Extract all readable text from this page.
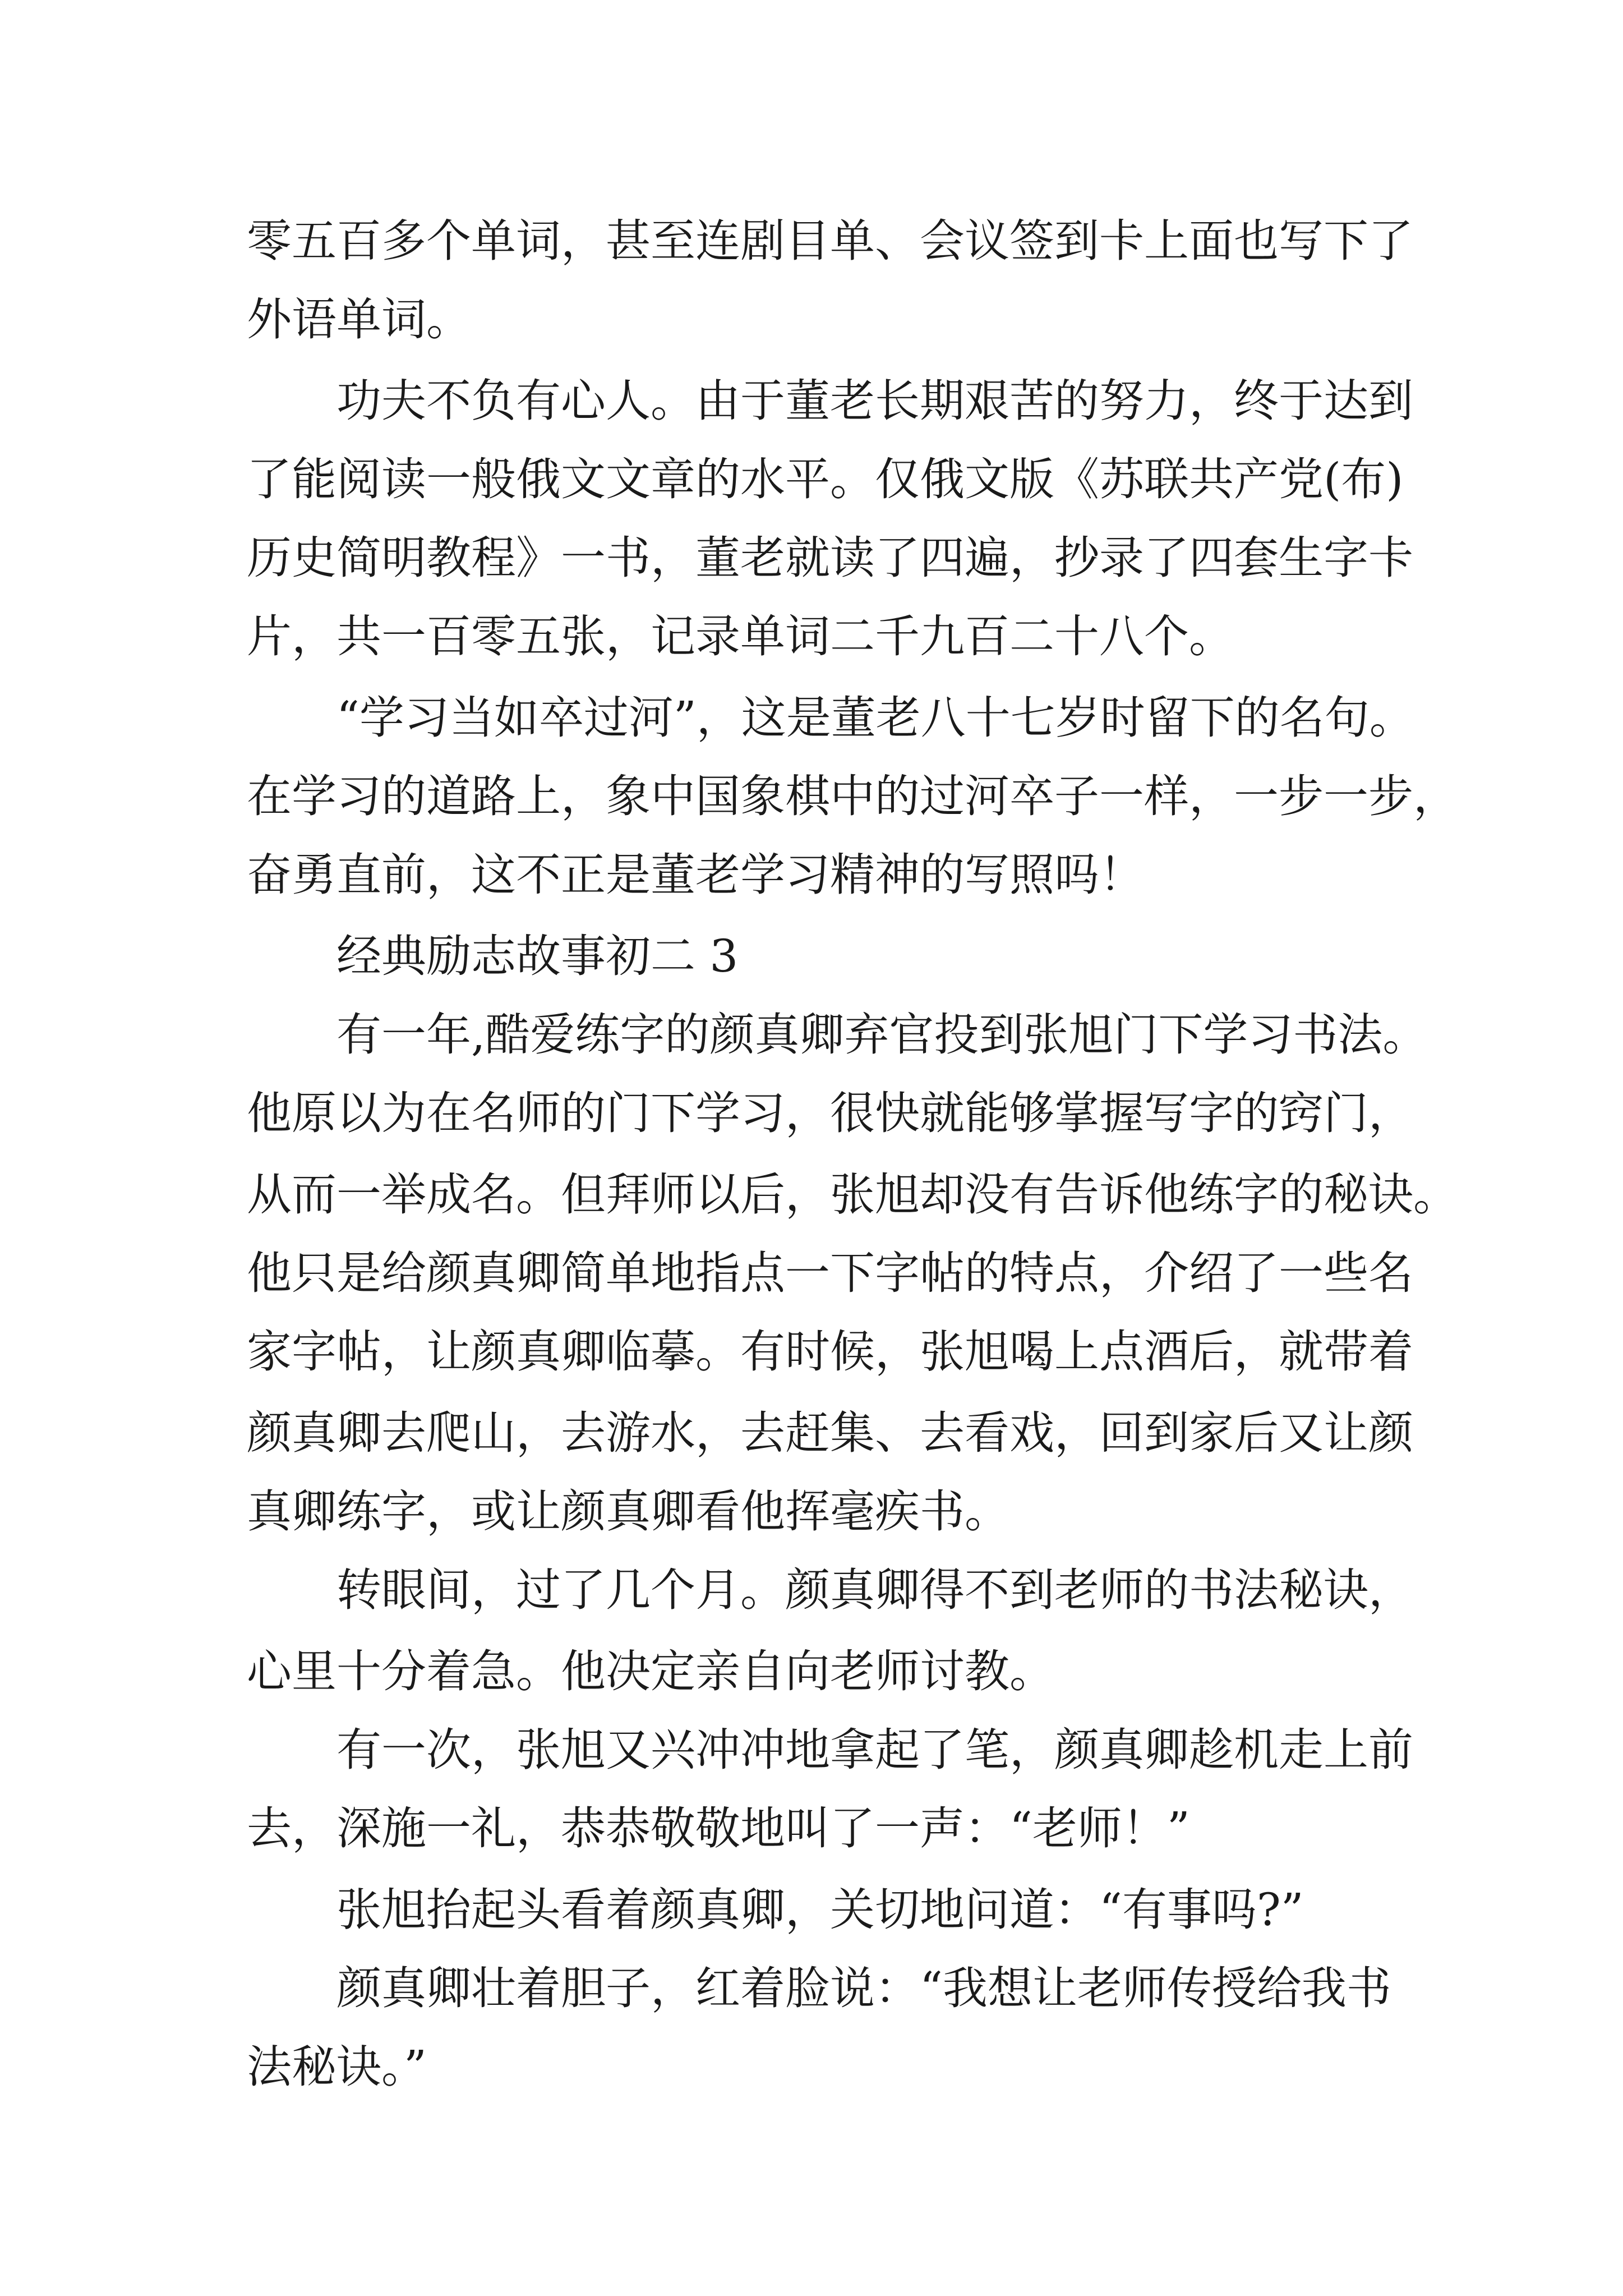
零五百多个单词，甚至连剧目单、会议签到卡上面也写下了
外语单词。
功夫不负有心人。由于董老长期艰苦的努力，终于达到
了能阅读一般俄文文章的水平。仅俄文版《苏联共产党(布)
历史简明教程》一书，董老就读了四遍，抄录了四套生字卡
片，共一百零五张，记录单词二千九百二十八个。
“学习当如卒过河”，这是董老八十七岁时留下的名句。
在学习的道路上，象中国象棋中的过河卒子一样，一步一步，
奋勇直前，这不正是董老学习精神的写照吗！
经典励志故事初二 3
有一年,酷爱练字的颜真卿弃官投到张旭门下学习书法。
他原以为在名师的门下学习，很快就能够掌握写字的窍门，
从而一举成名。但拜师以后，张旭却没有告诉他练字的秘诀。
他只是给颜真卿简单地指点一下字帖的特点，介绍了一些名
家字帖，让颜真卿临摹。有时候，张旭喝上点酒后，就带着
颜真卿去爬山，去游水，去赶集、去看戏，回到家后又让颜
真卿练字，或让颜真卿看他挥毫疾书。
转眼间，过了几个月。颜真卿得不到老师的书法秘诀，
心里十分着急。他决定亲自向老师讨教。
有一次，张旭又兴冲冲地拿起了笔，颜真卿趁机走上前
去，深施一礼，恭恭敬敬地叫了一声：“老师！”
张旭抬起头看着颜真卿，关切地问道：“有事吗?”
颜真卿壮着胆子，红着脸说：“我想让老师传授给我书
法秘诀。”
